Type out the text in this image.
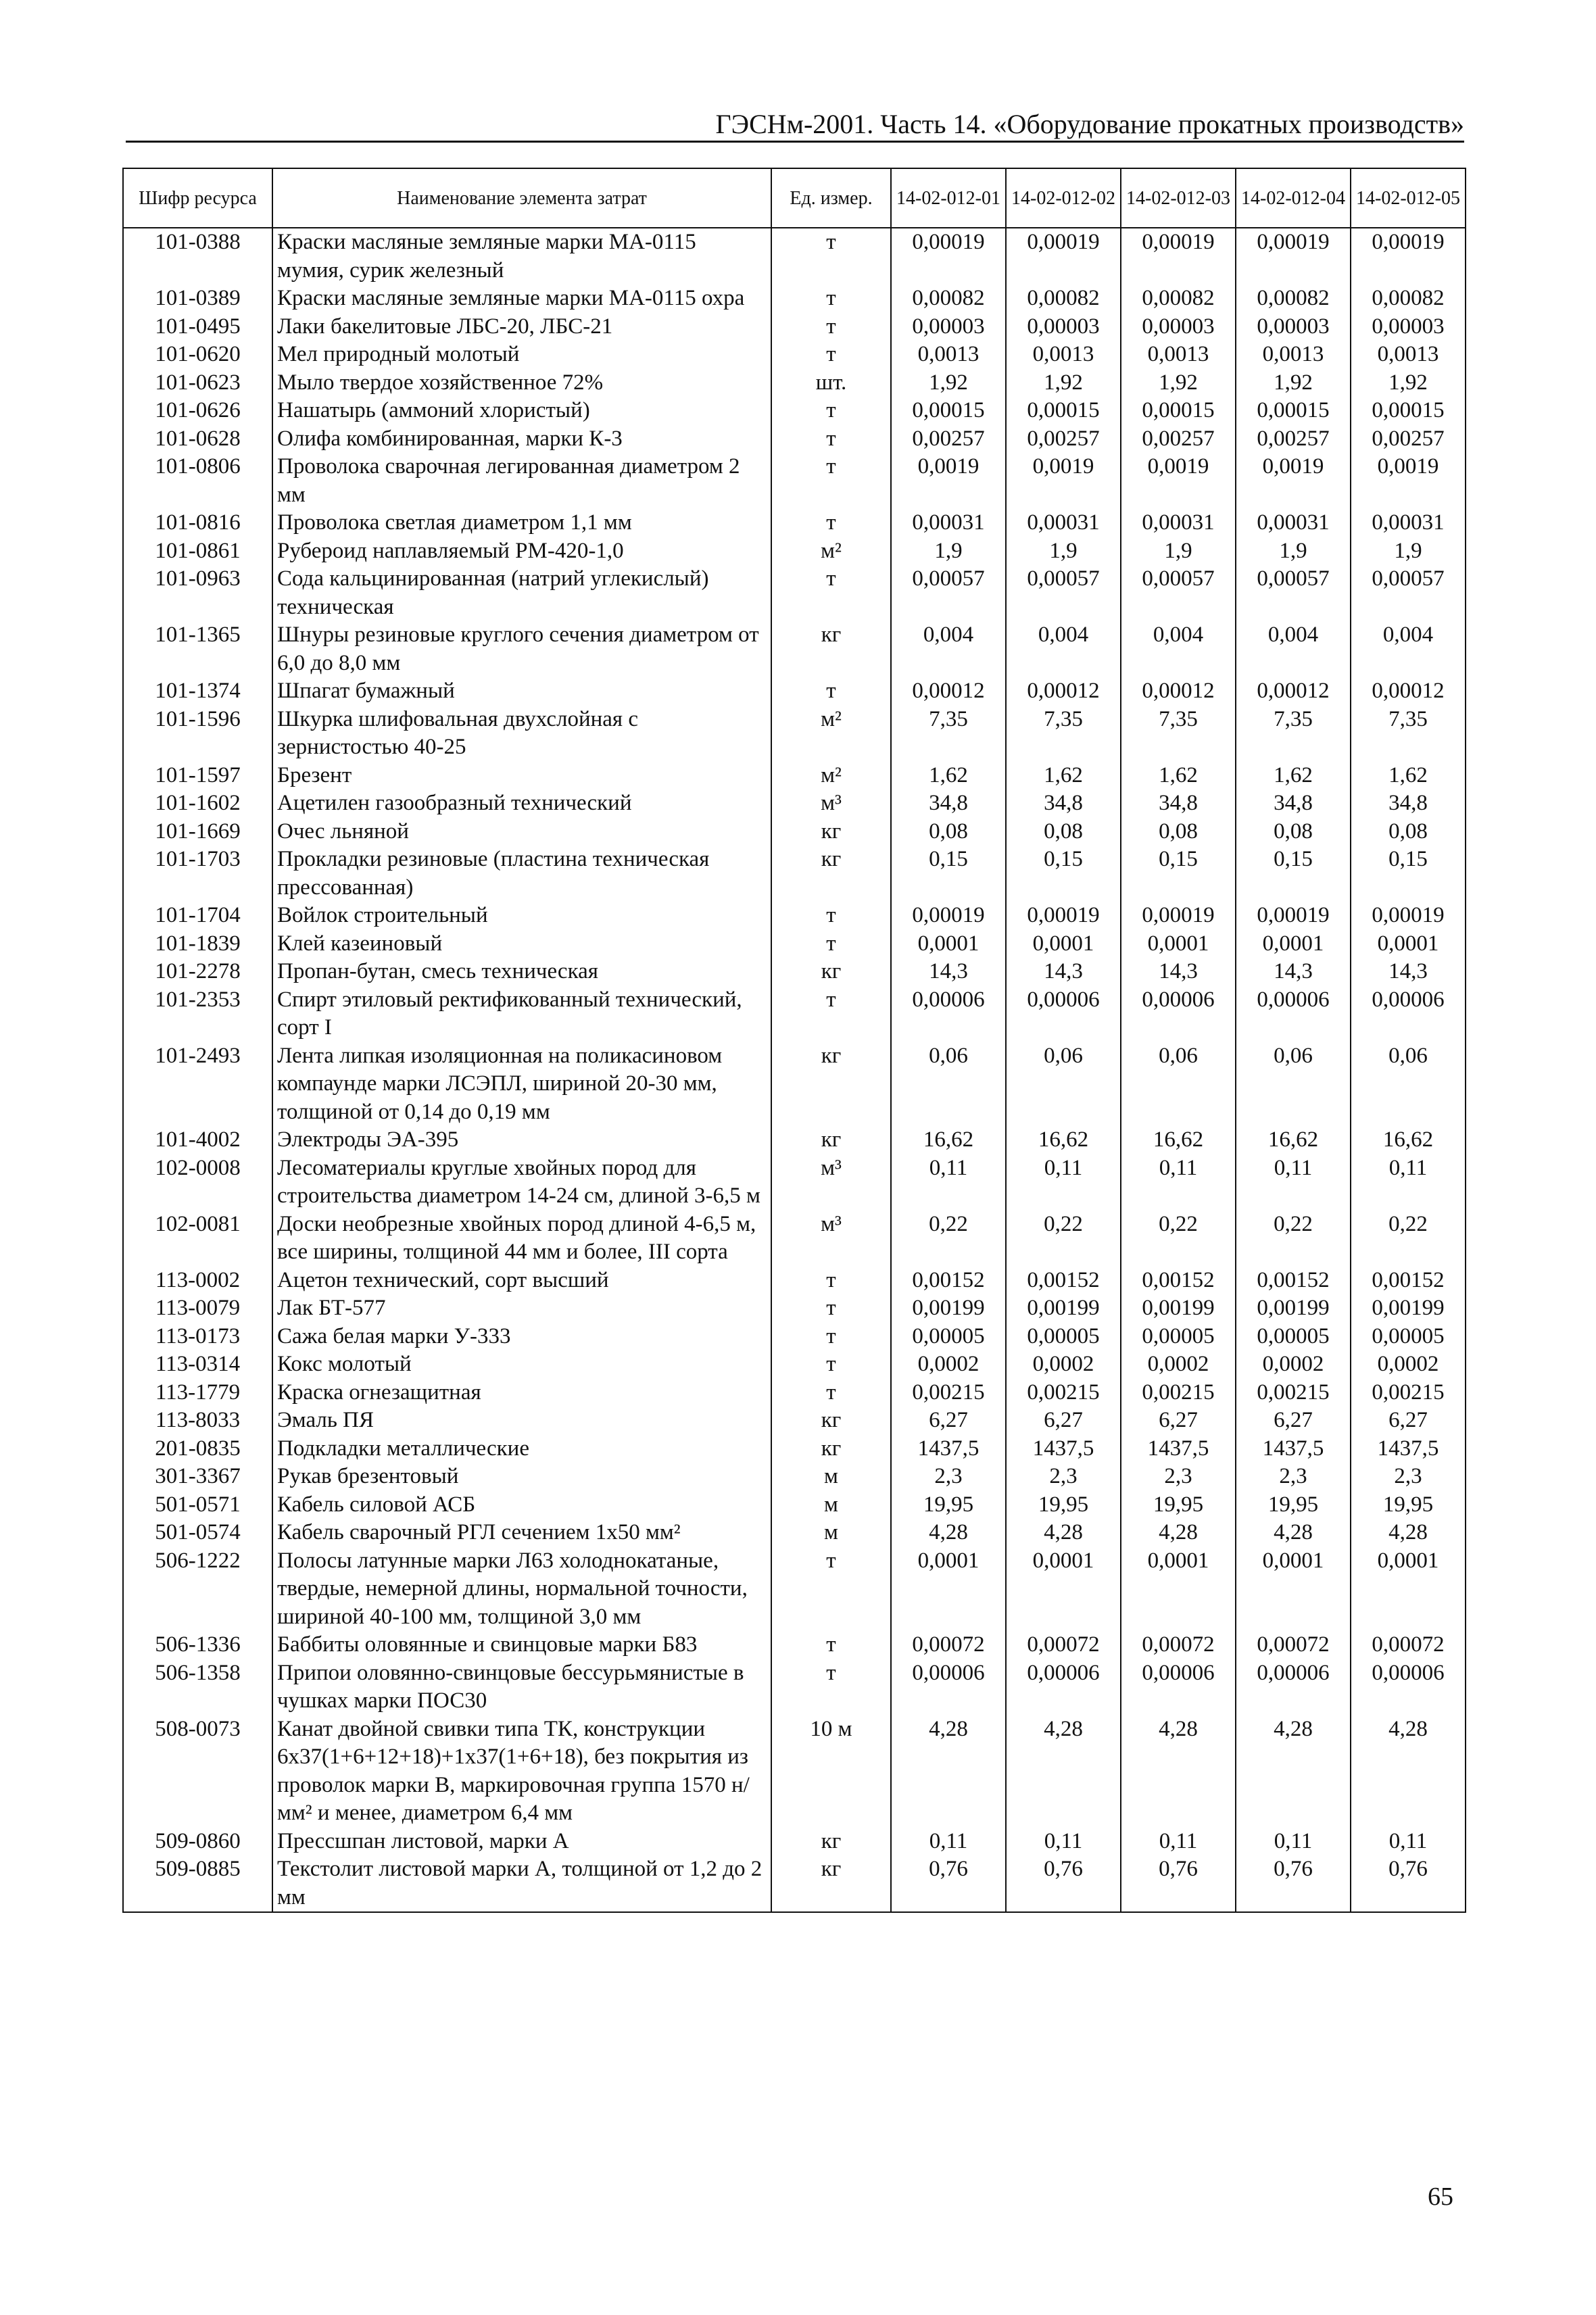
ГЭСНм-2001. Часть 14. «Оборудование прокатных производств»
Шифр ресурса	Наименование элемента затрат	Ед. измер.	14-02-012-01	14-02-012-02	14-02-012-03	14-02-012-04	14-02-012-05
101-0388	Краски масляные земляные марки МА-0115 мумия, сурик железный	т	0,00019	0,00019	0,00019	0,00019	0,00019
101-0389	Краски масляные земляные марки МА-0115 охра	т	0,00082	0,00082	0,00082	0,00082	0,00082
101-0495	Лаки бакелитовые ЛБС-20, ЛБС-21	т	0,00003	0,00003	0,00003	0,00003	0,00003
101-0620	Мел природный молотый	т	0,0013	0,0013	0,0013	0,0013	0,0013
101-0623	Мыло твердое хозяйственное 72%	шт.	1,92	1,92	1,92	1,92	1,92
101-0626	Нашатырь (аммоний хлористый)	т	0,00015	0,00015	0,00015	0,00015	0,00015
101-0628	Олифа комбинированная, марки К-3	т	0,00257	0,00257	0,00257	0,00257	0,00257
101-0806	Проволока сварочная легированная диаметром 2 мм	т	0,0019	0,0019	0,0019	0,0019	0,0019
101-0816	Проволока светлая диаметром 1,1 мм	т	0,00031	0,00031	0,00031	0,00031	0,00031
101-0861	Рубероид наплавляемый РМ-420-1,0	м²	1,9	1,9	1,9	1,9	1,9
101-0963	Сода кальцинированная (натрий углекислый) техническая	т	0,00057	0,00057	0,00057	0,00057	0,00057
101-1365	Шнуры резиновые круглого сечения диаметром от 6,0 до 8,0 мм	кг	0,004	0,004	0,004	0,004	0,004
101-1374	Шпагат бумажный	т	0,00012	0,00012	0,00012	0,00012	0,00012
101-1596	Шкурка шлифовальная двухслойная с зернистостью 40-25	м²	7,35	7,35	7,35	7,35	7,35
101-1597	Брезент	м²	1,62	1,62	1,62	1,62	1,62
101-1602	Ацетилен газообразный технический	м³	34,8	34,8	34,8	34,8	34,8
101-1669	Очес льняной	кг	0,08	0,08	0,08	0,08	0,08
101-1703	Прокладки резиновые (пластина техническая прессованная)	кг	0,15	0,15	0,15	0,15	0,15
101-1704	Войлок строительный	т	0,00019	0,00019	0,00019	0,00019	0,00019
101-1839	Клей казеиновый	т	0,0001	0,0001	0,0001	0,0001	0,0001
101-2278	Пропан-бутан, смесь техническая	кг	14,3	14,3	14,3	14,3	14,3
101-2353	Спирт этиловый ректификованный технический, сорт I	т	0,00006	0,00006	0,00006	0,00006	0,00006
101-2493	Лента липкая изоляционная на поликасиновом компаунде марки ЛСЭПЛ, шириной 20-30 мм, толщиной от 0,14 до 0,19 мм	кг	0,06	0,06	0,06	0,06	0,06
101-4002	Электроды ЭА-395	кг	16,62	16,62	16,62	16,62	16,62
102-0008	Лесоматериалы круглые хвойных пород для строительства диаметром 14-24 см, длиной 3-6,5 м	м³	0,11	0,11	0,11	0,11	0,11
102-0081	Доски необрезные хвойных пород длиной 4-6,5 м, все ширины, толщиной 44 мм и более, III сорта	м³	0,22	0,22	0,22	0,22	0,22
113-0002	Ацетон технический, сорт высший	т	0,00152	0,00152	0,00152	0,00152	0,00152
113-0079	Лак БТ-577	т	0,00199	0,00199	0,00199	0,00199	0,00199
113-0173	Сажа белая марки У-333	т	0,00005	0,00005	0,00005	0,00005	0,00005
113-0314	Кокс молотый	т	0,0002	0,0002	0,0002	0,0002	0,0002
113-1779	Краска огнезащитная	т	0,00215	0,00215	0,00215	0,00215	0,00215
113-8033	Эмаль ПЯ	кг	6,27	6,27	6,27	6,27	6,27
201-0835	Подкладки металлические	кг	1437,5	1437,5	1437,5	1437,5	1437,5
301-3367	Рукав брезентовый	м	2,3	2,3	2,3	2,3	2,3
501-0571	Кабель силовой АСБ	м	19,95	19,95	19,95	19,95	19,95
501-0574	Кабель сварочный РГЛ сечением 1х50 мм²	м	4,28	4,28	4,28	4,28	4,28
506-1222	Полосы латунные марки Л63 холоднокатаные, твердые, немерной длины, нормальной точности, шириной 40-100 мм, толщиной 3,0 мм	т	0,0001	0,0001	0,0001	0,0001	0,0001
506-1336	Баббиты оловянные и свинцовые марки Б83	т	0,00072	0,00072	0,00072	0,00072	0,00072
506-1358	Припои оловянно-свинцовые бессурьмянистые в чушках марки ПОС30	т	0,00006	0,00006	0,00006	0,00006	0,00006
508-0073	Канат двойной свивки типа ТК, конструкции 6х37(1+6+12+18)+1х37(1+6+18), без покрытия из проволок марки В, маркировочная группа 1570 н/мм² и менее, диаметром 6,4 мм	10 м	4,28	4,28	4,28	4,28	4,28
509-0860	Прессшпан листовой, марки А	кг	0,11	0,11	0,11	0,11	0,11
509-0885	Текстолит листовой марки А, толщиной от 1,2 до 2 мм	кг	0,76	0,76	0,76	0,76	0,76
65
